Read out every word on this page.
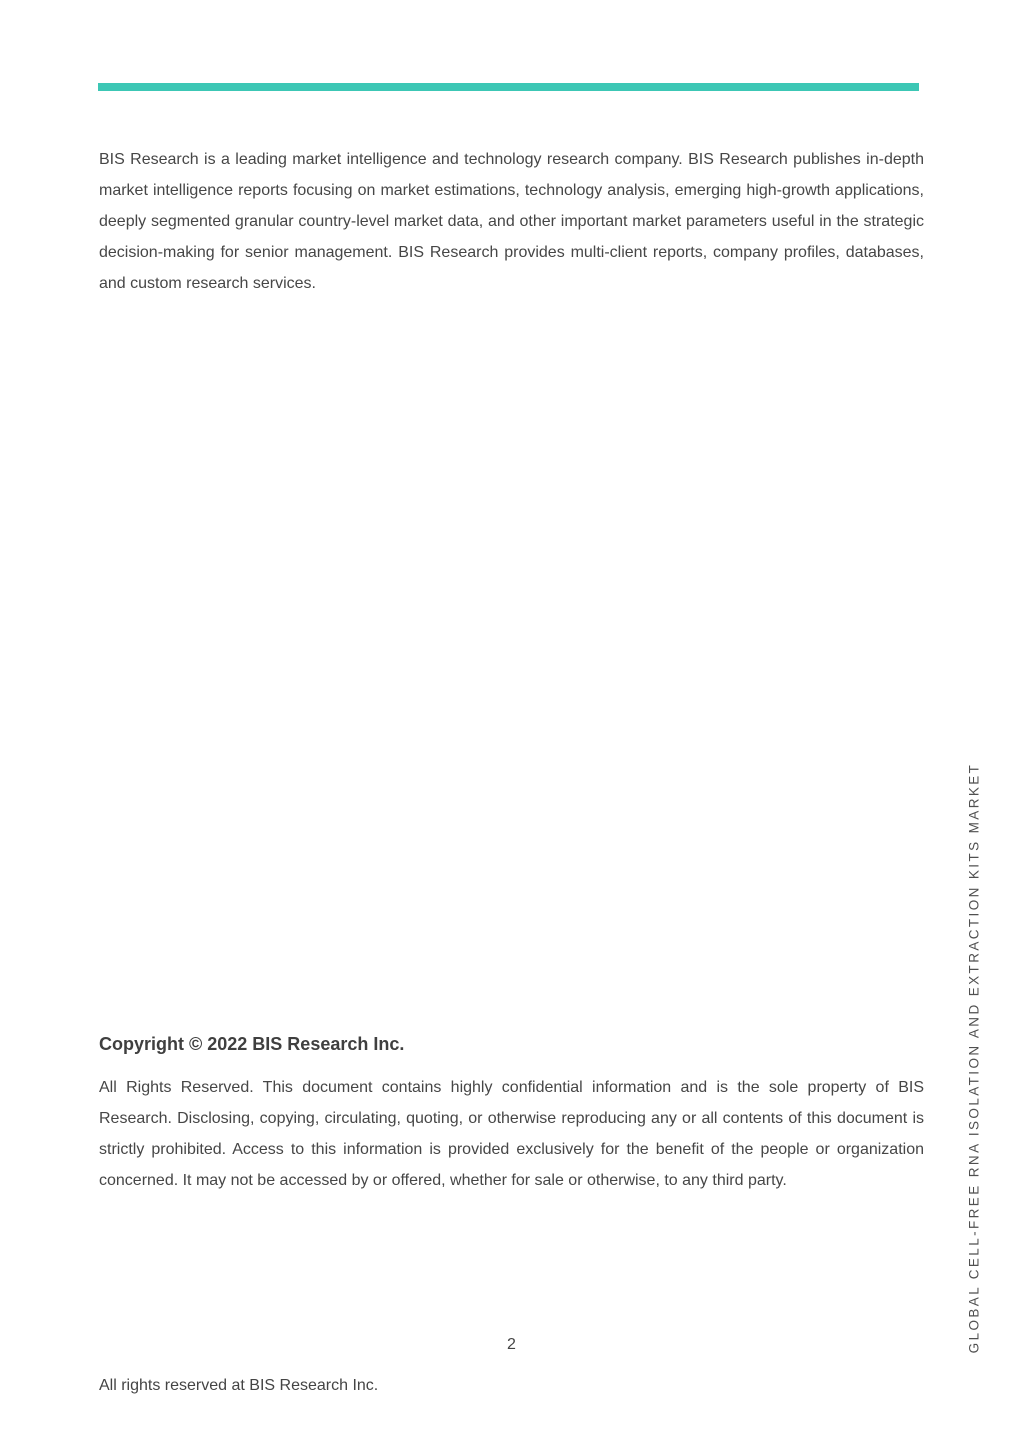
BIS Research is a leading market intelligence and technology research company. BIS Research publishes in-depth market intelligence reports focusing on market estimations, technology analysis, emerging high-growth applications, deeply segmented granular country-level market data, and other important market parameters useful in the strategic decision-making for senior management. BIS Research provides multi-client reports, company profiles, databases, and custom research services.

Copyright © 2022 BIS Research Inc.

All Rights Reserved. This document contains highly confidential information and is the sole property of BIS Research. Disclosing, copying, circulating, quoting, or otherwise reproducing any or all contents of this document is strictly prohibited. Access to this information is provided exclusively for the benefit of the people or organization concerned. It may not be accessed by or offered, whether for sale or otherwise, to any third party.	GLOBAL CELL-FREE RNA ISOLATION AND EXTRACTION KITS MARKET
2
All rights reserved at BIS Research Inc.
